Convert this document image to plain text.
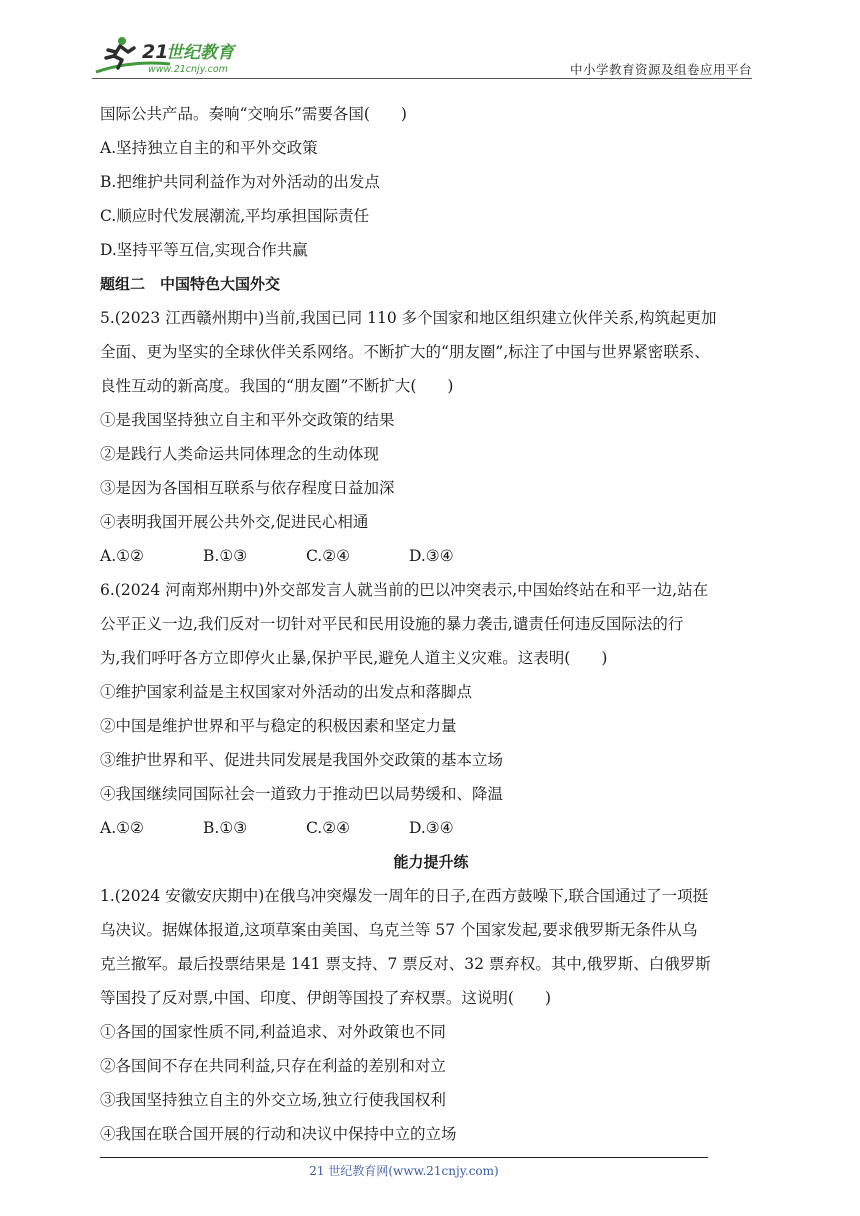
21
世纪教育
www.21cnjy.com	中小学教育资源及组卷应用平台
国际公共产品。奏响“交响乐”需要各国(　　)
A.坚持独立自主的和平外交政策
B.把维护共同利益作为对外活动的出发点
C.顺应时代发展潮流,平均承担国际责任
D.坚持平等互信,实现合作共赢
题组二　中国特色大国外交
5.(2023 江西赣州期中)当前,我国已同 110 多个国家和地区组织建立伙伴关系,构筑起更加
全面、更为坚实的全球伙伴关系网络。不断扩大的“朋友圈”,标注了中国与世界紧密联系、
良性互动的新高度。我国的“朋友圈”不断扩大(　　)
①是我国坚持独立自主和平外交政策的结果
②是践行人类命运共同体理念的生动体现
③是因为各国相互联系与依存程度日益加深
④表明我国开展公共外交,促进民心相通
A.①②	B.①③	C.②④	D.③④
6.(2024 河南郑州期中)外交部发言人就当前的巴以冲突表示,中国始终站在和平一边,站在
公平正义一边,我们反对一切针对平民和民用设施的暴力袭击,谴责任何违反国际法的行
为,我们呼吁各方立即停火止暴,保护平民,避免人道主义灾难。这表明(　　)
①维护国家利益是主权国家对外活动的出发点和落脚点
②中国是维护世界和平与稳定的积极因素和坚定力量
③维护世界和平、促进共同发展是我国外交政策的基本立场
④我国继续同国际社会一道致力于推动巴以局势缓和、降温
A.①②	B.①③	C.②④	D.③④
能力提升练
1.(2024 安徽安庆期中)在俄乌冲突爆发一周年的日子,在西方鼓噪下,联合国通过了一项挺
乌决议。据媒体报道,这项草案由美国、乌克兰等 57 个国家发起,要求俄罗斯无条件从乌
克兰撤军。最后投票结果是 141 票支持、7 票反对、32 票弃权。其中,俄罗斯、白俄罗斯
等国投了反对票,中国、印度、伊朗等国投了弃权票。这说明(　　)
①各国的国家性质不同,利益追求、对外政策也不同
②各国间不存在共同利益,只存在利益的差别和对立
③我国坚持独立自主的外交立场,独立行使我国权利
④我国在联合国开展的行动和决议中保持中立的立场
21 世纪教育网(www.21cnjy.com)
